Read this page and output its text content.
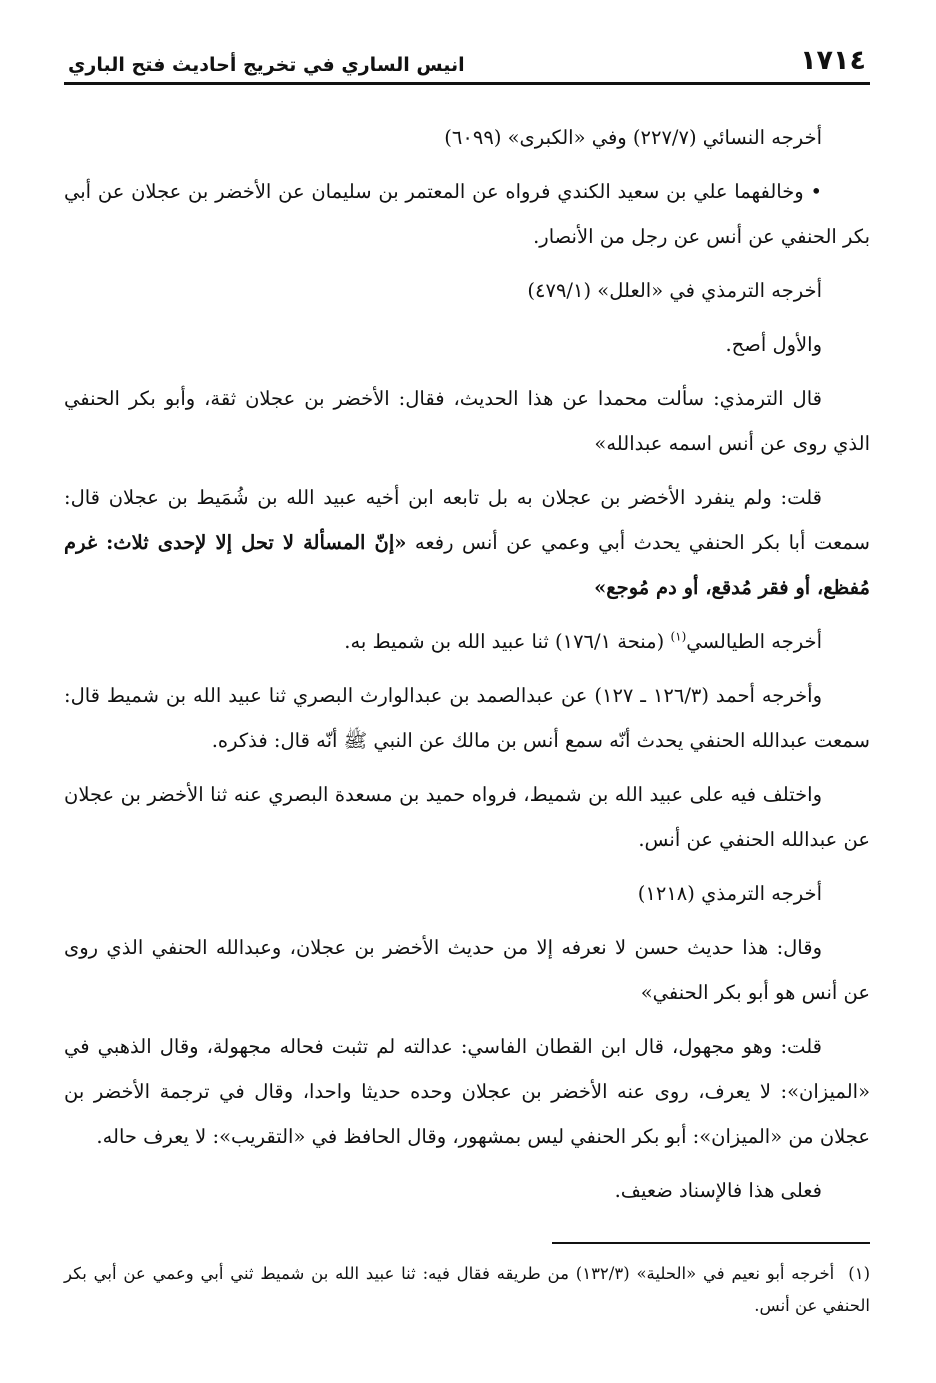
١٧١٤
انيس الساري في تخريج أحاديث فتح الباري

أخرجه النسائي (٢٢٧/٧) وفي «الكبرى» (٦٠٩٩)

• وخالفهما علي بن سعيد الكندي فرواه عن المعتمر بن سليمان عن الأخضر بن عجلان عن أبي بكر الحنفي عن أنس عن رجل من الأنصار.

أخرجه الترمذي في «العلل» (٤٧٩/١)

والأول أصح.

قال الترمذي: سألت محمدا عن هذا الحديث، فقال: الأخضر بن عجلان ثقة، وأبو بكر الحنفي الذي روى عن أنس اسمه عبدالله»

قلت: ولم ينفرد الأخضر بن عجلان به بل تابعه ابن أخيه عبيد الله بن شُمَيط بن عجلان قال: سمعت أبا بكر الحنفي يحدث أبي وعمي عن أنس رفعه «إنّ المسألة لا تحل إلا لإحدى ثلاث: غرم مُفظع، أو فقر مُدقع، أو دم مُوجع»

أخرجه الطيالسي$^{(١)}$ (منحة ١٧٦/١) ثنا عبيد الله بن شميط به.

وأخرجه أحمد (١٢٦/٣ ـ ١٢٧) عن عبدالصمد بن عبدالوارث البصري ثنا عبيد الله بن شميط قال: سمعت عبدالله الحنفي يحدث أنّه سمع أنس بن مالك عن النبي ﷺ أنّه قال: فذكره.

واختلف فيه على عبيد الله بن شميط، فرواه حميد بن مسعدة البصري عنه ثنا الأخضر بن عجلان عن عبدالله الحنفي عن أنس.

أخرجه الترمذي (١٢١٨)

وقال: هذا حديث حسن لا نعرفه إلا من حديث الأخضر بن عجلان، وعبدالله الحنفي الذي روى عن أنس هو أبو بكر الحنفي»

قلت: وهو مجهول، قال ابن القطان الفاسي: عدالته لم تثبت فحاله مجهولة، وقال الذهبي في «الميزان»: لا يعرف، روى عنه الأخضر بن عجلان وحده حديثا واحدا، وقال في ترجمة الأخضر بن عجلان من «الميزان»: أبو بكر الحنفي ليس بمشهور، وقال الحافظ في «التقريب»: لا يعرف حاله.

فعلى هذا فالإسناد ضعيف.

(١)أخرجه أبو نعيم في «الحلية» (١٣٢/٣) من طريقه فقال فيه: ثنا عبيد الله بن شميط ثني أبي وعمي عن أبي بكر الحنفي عن أنس.
